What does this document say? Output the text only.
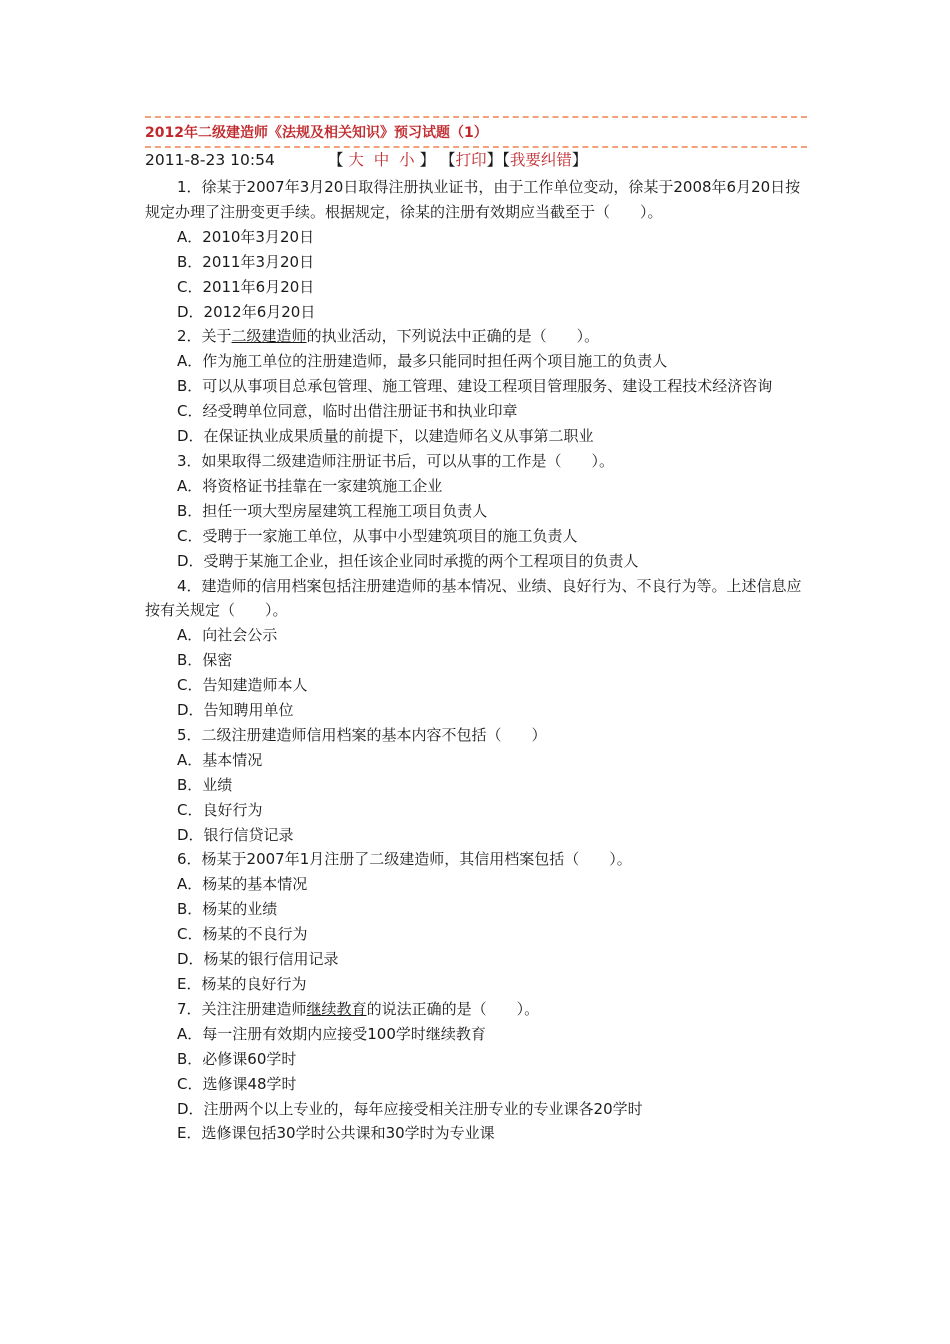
2012年二级建造师《法规及相关知识》预习试题（1）
2011-8-23 10:54	【 大 中 小 】 【打印】【我要纠错】

1．徐某于2007年3月20日取得注册执业证书，由于工作单位变动，徐某于2008年6月20日按规定办理了注册变更手续。根据规定，徐某的注册有效期应当截至于（　　）。

A．2010年3月20日

B．2011年3月20日

C．2011年6月20日

D．2012年6月20日

2．关于二级建造师的执业活动，下列说法中正确的是（　　）。

A．作为施工单位的注册建造师，最多只能同时担任两个项目施工的负责人

B．可以从事项目总承包管理、施工管理、建设工程项目管理服务、建设工程技术经济咨询

C．经受聘单位同意，临时出借注册证书和执业印章

D．在保证执业成果质量的前提下，以建造师名义从事第二职业

3．如果取得二级建造师注册证书后，可以从事的工作是（　　）。

A．将资格证书挂靠在一家建筑施工企业

B．担任一项大型房屋建筑工程施工项目负责人

C．受聘于一家施工单位，从事中小型建筑项目的施工负责人

D．受聘于某施工企业，担任该企业同时承揽的两个工程项目的负责人

4．建造师的信用档案包括注册建造师的基本情况、业绩、良好行为、不良行为等。上述信息应按有关规定（　　）。

A．向社会公示

B．保密

C．告知建造师本人

D．告知聘用单位

5．二级注册建造师信用档案的基本内容不包括（　　）

A．基本情况

B．业绩

C．良好行为

D．银行信贷记录

6．杨某于2007年1月注册了二级建造师，其信用档案包括（　　）。

A．杨某的基本情况

B．杨某的业绩

C．杨某的不良行为

D．杨某的银行信用记录

E．杨某的良好行为

7．关注注册建造师继续教育的说法正确的是（　　）。

A．每一注册有效期内应接受100学时继续教育

B．必修课60学时

C．选修课48学时

D．注册两个以上专业的，每年应接受相关注册专业的专业课各20学时

E．选修课包括30学时公共课和30学时为专业课
